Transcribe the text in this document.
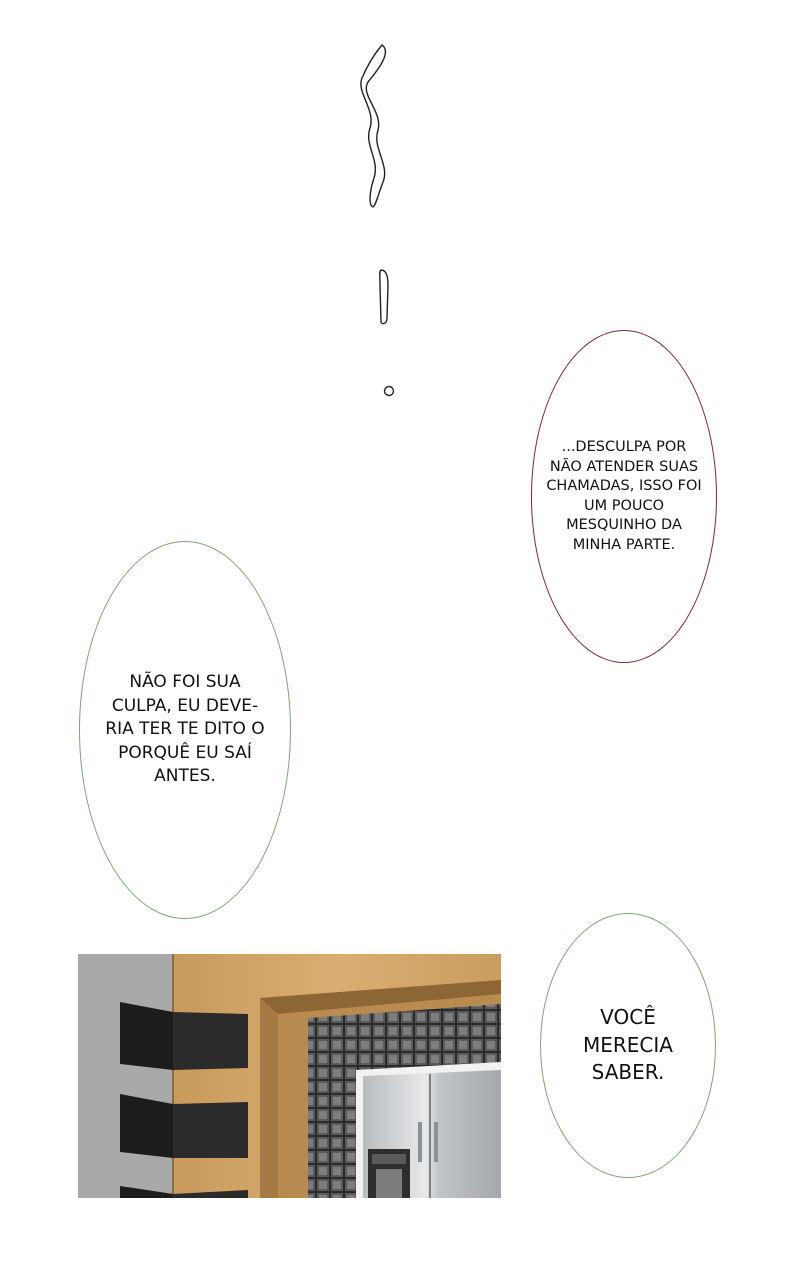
...DESCULPA POR NÃO ATENDER SUAS CHAMADAS, ISSO FOI UM POUCO MESQUINHO DA MINHA PARTE.
NÃO FOI SUA CULPA, EU DEVE-RIA TER TE DITO O PORQUÊ EU SAÍ ANTES.
VOCÊ MERECIA SABER.
